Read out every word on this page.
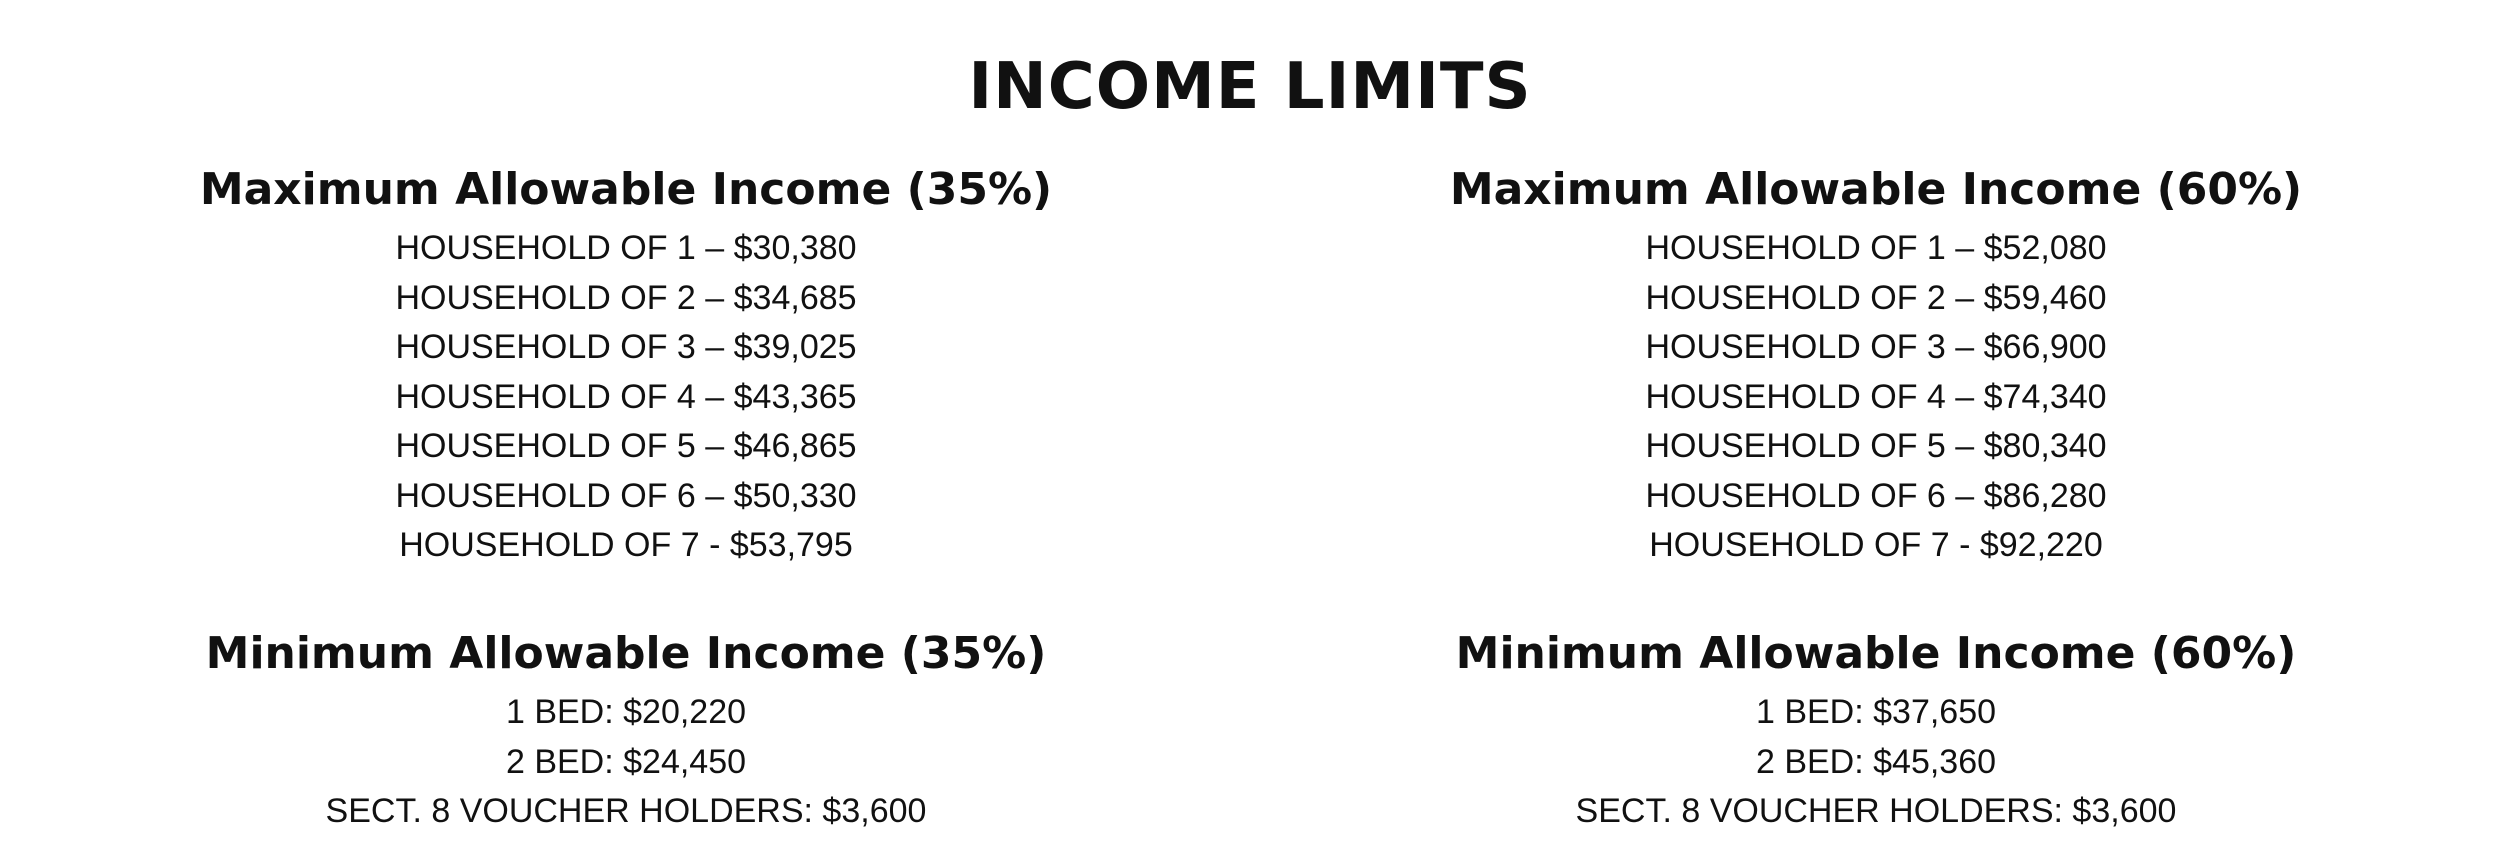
INCOME LIMITS
Maximum Allowable Income (35%)
HOUSEHOLD OF 1 – $30,380
HOUSEHOLD OF 2 – $34,685
HOUSEHOLD OF 3 – $39,025
HOUSEHOLD OF 4 – $43,365
HOUSEHOLD OF 5 – $46,865
HOUSEHOLD OF 6 – $50,330
HOUSEHOLD OF 7 - $53,795
Minimum Allowable Income (35%)
1 BED: $20,220
2 BED: $24,450
SECT. 8 VOUCHER HOLDERS: $3,600
Maximum Allowable Income (60%)
HOUSEHOLD OF 1 – $52,080
HOUSEHOLD OF 2 – $59,460
HOUSEHOLD OF 3 – $66,900
HOUSEHOLD OF 4 – $74,340
HOUSEHOLD OF 5 – $80,340
HOUSEHOLD OF 6 – $86,280
HOUSEHOLD OF 7 - $92,220
Minimum Allowable Income (60%)
1 BED: $37,650
2 BED: $45,360
SECT. 8 VOUCHER HOLDERS: $3,600
